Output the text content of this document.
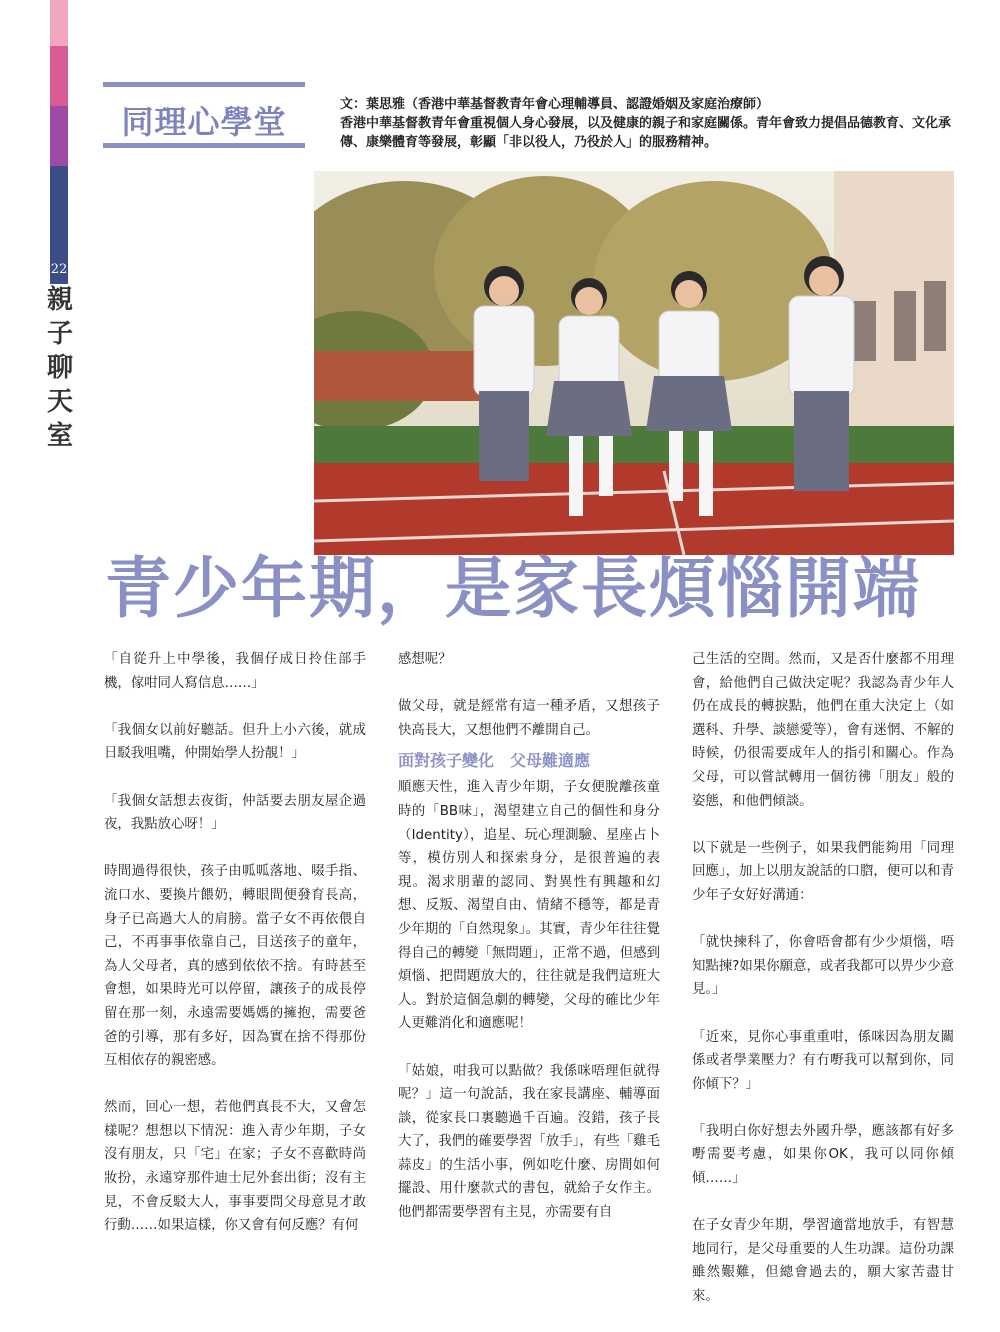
22
親
子
聊
天
室
同理心學堂	文：葉思雅（香港中華基督教青年會心理輔導員、認證婚姻及家庭治療師）
香港中華基督教青年會重視個人身心發展，以及健康的親子和家庭關係。青年會致力提倡品德教育、文化承傳、康樂體育等發展，彰顯「非以役人，乃役於人」的服務精神。
青少年期，是家長煩惱開端

「自從升上中學後，我個仔成日拎住部手機，傢咁同人寫信息……」

「我個女以前好聽話。但升上小六後，就成日駁我咀嘴，仲開始學人扮靚！」

「我個女話想去夜街，仲話要去朋友屋企過夜，我點放心呀！」

時間過得很快，孩子由呱呱落地、啜手指、流口水、要換片餵奶，轉眼間便發育長高，身子已高過大人的肩膀。當子女不再依偎自己，不再事事依靠自己，目送孩子的童年，為人父母者，真的感到依依不捨。有時甚至會想，如果時光可以停留，讓孩子的成長停留在那一刻，永遠需要媽媽的擁抱，需要爸爸的引導，那有多好，因為實在捨不得那份互相依存的親密感。

然而，回心一想，若他們真長不大，又會怎樣呢？想想以下情況：進入青少年期，子女沒有朋友，只「宅」在家；子女不喜歡時尚妝扮，永遠穿那件迪士尼外套出街；沒有主見，不會反駁大人，事事要問父母意見才敢行動……如果這樣，你又會有何反應？有何

感想呢？

做父母，就是經常有這一種矛盾，又想孩子快高長大，又想他們不離開自己。

面對孩子變化　父母難適應

順應天性，進入青少年期，子女便脫離孩童時的「BB味」，渴望建立自己的個性和身分（Identity），追星、玩心理測驗、星座占卜等，模仿別人和探索身分，是很普遍的表現。渴求朋輩的認同、對異性有興趣和幻想、反叛、渴望自由、情緒不穩等，都是青少年期的「自然現象」。其實，青少年往往覺得自己的轉變「無問題」，正常不過，但感到煩惱、把問題放大的，往往就是我們這班大人。對於這個急劇的轉變，父母的確比少年人更難消化和適應呢！

「姑娘，咁我可以點做？我係咪唔理佢就得呢？」這一句說話，我在家長講座、輔導面談，從家長口裏聽過千百遍。沒錯，孩子長大了，我們的確要學習「放手」，有些「雞毛蒜皮」的生活小事，例如吃什麼、房間如何擺設、用什麼款式的書包，就給子女作主。他們都需要學習有主見，亦需要有自

己生活的空間。然而，又是否什麼都不用理會，給他們自己做決定呢？我認為青少年人仍在成長的轉捩點，他們在重大決定上（如選科、升學、談戀愛等），會有迷惘、不解的時候，仍很需要成年人的指引和關心。作為父母，可以嘗試轉用一個彷彿「朋友」般的姿態，和他們傾談。

以下就是一些例子，如果我們能夠用「同理回應」，加上以朋友說話的口脗，便可以和青少年子女好好溝通：

「就快揀科了，你會唔會都有少少煩惱，唔知點揀?如果你願意，或者我都可以畀少少意見。」

「近來，見你心事重重咁，係咪因為朋友關係或者學業壓力？有冇嘢我可以幫到你，同你傾下？」

「我明白你好想去外國升學，應該都有好多嘢需要考慮，如果你OK，我可以同你傾傾……」

在子女青少年期，學習適當地放手，有智慧地同行，是父母重要的人生功課。這份功課雖然艱難，但總會過去的，願大家苦盡甘來。
